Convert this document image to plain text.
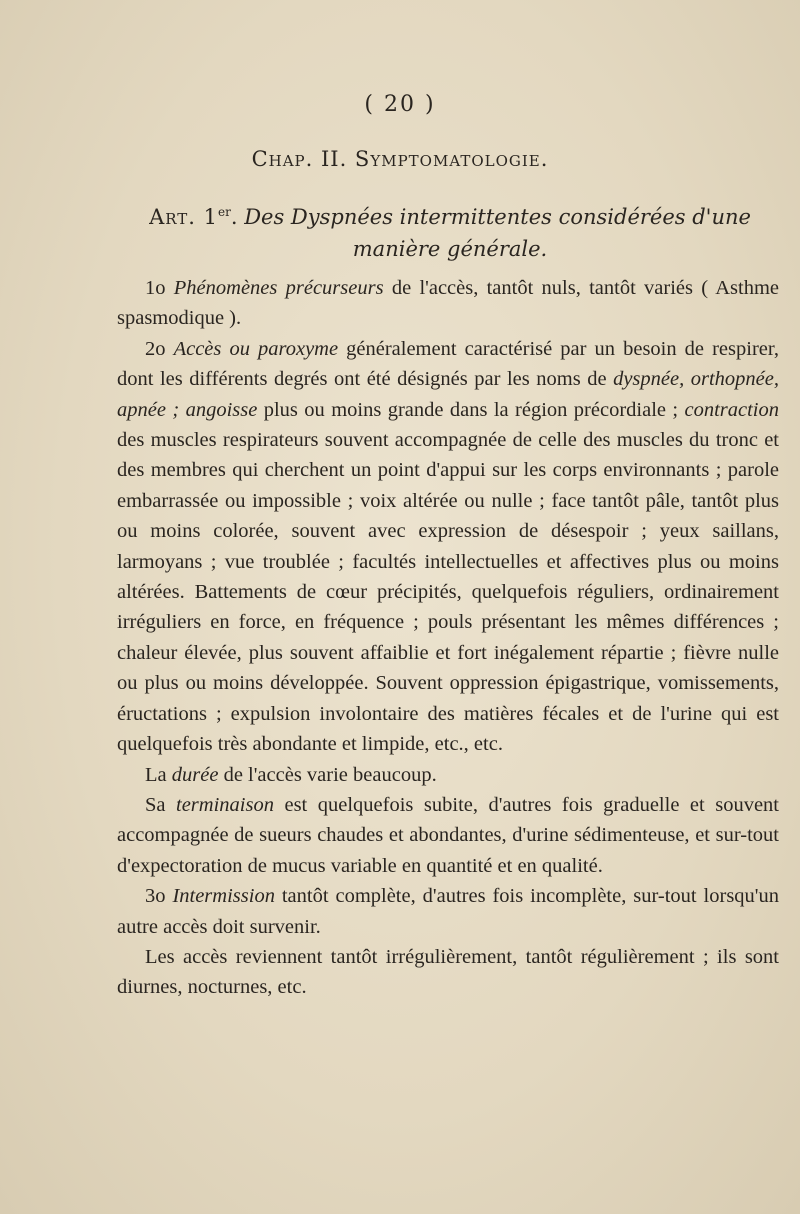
( 20 )
Chap. II. Symptomatologie.
Art. 1er. Des Dyspnées intermittentes considérées d'une manière générale.

1o Phénomènes précurseurs de l'accès, tantôt nuls, tantôt variés ( Asthme spasmodique ).

2o Accès ou paroxyme généralement caractérisé par un besoin de respirer, dont les différents degrés ont été désignés par les noms de dyspnée, orthopnée, apnée ; angoisse plus ou moins grande dans la région précordiale ; contraction des muscles respirateurs souvent accompagnée de celle des muscles du tronc et des membres qui cherchent un point d'appui sur les corps environnants ; parole embarrassée ou impossible ; voix altérée ou nulle ; face tantôt pâle, tantôt plus ou moins colorée, souvent avec expression de désespoir ; yeux saillans, larmoyans ; vue troublée ; facultés intellectuelles et affectives plus ou moins altérées. Battements de cœur précipités, quelquefois réguliers, ordinairement irréguliers en force, en fréquence ; pouls présentant les mêmes différences ; chaleur élevée, plus souvent affaiblie et fort inégalement répartie ; fièvre nulle ou plus ou moins développée. Souvent oppression épigastrique, vomissements, éructations ; expulsion involontaire des matières fécales et de l'urine qui est quelquefois très abondante et limpide, etc., etc.

La durée de l'accès varie beaucoup.

Sa terminaison est quelquefois subite, d'autres fois graduelle et souvent accompagnée de sueurs chaudes et abondantes, d'urine sédimenteuse, et sur-tout d'expectoration de mucus variable en quantité et en qualité.

3o Intermission tantôt complète, d'autres fois incomplète, sur-tout lorsqu'un autre accès doit survenir.

Les accès reviennent tantôt irrégulièrement, tantôt régulièrement ; ils sont diurnes, nocturnes, etc.
